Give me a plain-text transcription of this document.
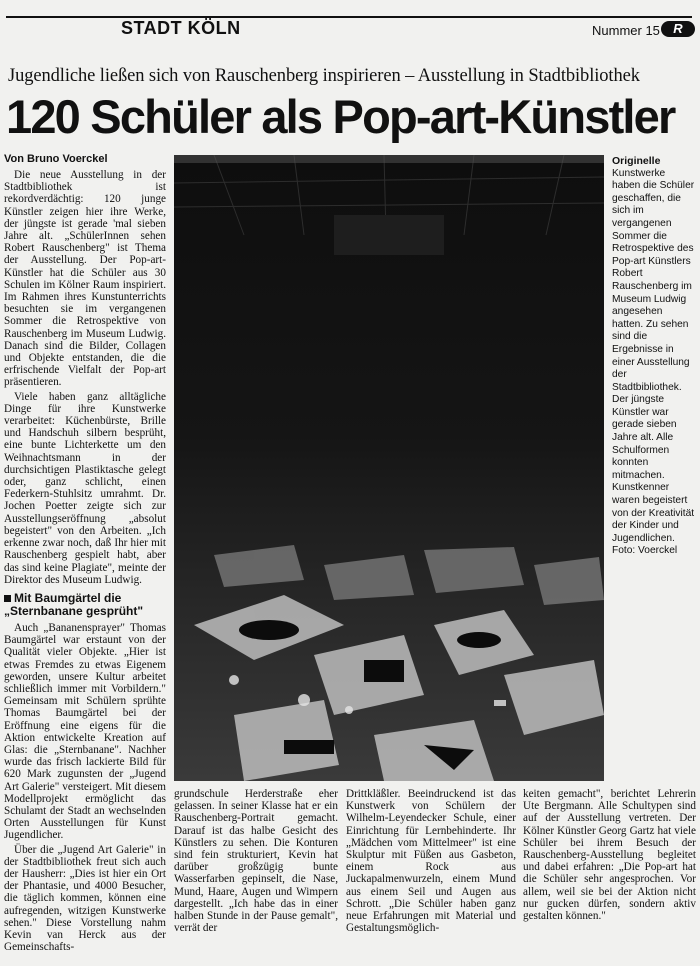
STADT KÖLN	Nummer 15	R
Jugendliche ließen sich von Rauschenberg inspirieren – Ausstellung in Stadtbibliothek
120 Schüler als Pop-art-Künstler
Von Bruno Voerckel

Die neue Ausstellung in der Stadtbibliothek ist rekordverdächtig: 120 junge Künstler zeigen hier ihre Werke, der jüngste ist gerade 'mal sieben Jahre alt. „SchülerInnen sehen Robert Rauschenberg" ist Thema der Ausstellung. Der Pop-art-Künstler hat die Schüler aus 30 Schulen im Kölner Raum inspiriert. Im Rahmen ihres Kunstunterrichts besuchten sie im vergangenen Sommer die Retrospektive von Rauschenberg im Museum Ludwig. Danach sind die Bilder, Collagen und Objekte entstanden, die die erfrischende Vielfalt der Pop-art präsentieren.

Viele haben ganz alltägliche Dinge für ihre Kunstwerke verarbeitet: Küchenbürste, Brille und Handschuh silbern besprüht, eine bunte Lichterkette um den Weihnachtsmann in der durchsichtigen Plastiktasche gelegt oder, ganz schlicht, einen Federkern-Stuhlsitz umrahmt. Dr. Jochen Poetter zeigte sich zur Ausstellungseröffnung „absolut begeistert" von den Arbeiten. „Ich erkenne zwar noch, daß Ihr hier mit Rauschenberg gespielt habt, aber das sind keine Plagiate", meinte der Direktor des Museum Ludwig.

Mit Baumgärtel die „Sternbanane gesprüht"

Auch „Bananensprayer" Thomas Baumgärtel war erstaunt von der Qualität vieler Objekte. „Hier ist etwas Fremdes zu etwas Eigenem geworden, unsere Kultur arbeitet schließlich immer mit Vorbildern." Gemeinsam mit Schülern sprühte Thomas Baumgärtel bei der Eröffnung eine eigens für die Aktion entwickelte Kreation auf Glas: die „Sternbanane". Nachher wurde das frisch lackierte Bild für 620 Mark zugunsten der „Jugend Art Galerie" versteigert. Mit diesem Modellprojekt ermöglicht das Schulamt der Stadt an wechselnden Orten Ausstellungen für Kunst Jugendlicher.

Über die „Jugend Art Galerie" in der Stadtbibliothek freut sich auch der Hausherr: „Dies ist hier ein Ort der Phantasie, und 4000 Besucher, die täglich kommen, können eine aufregenden, witzigen Kunstwerke sehen." Diese Vorstellung nahm Kevin van Herck aus der Gemeinschafts-

Originelle
Kunstwerke haben die Schüler geschaffen, die sich im vergangenen Sommer die Retrospektive des Pop-art Künstlers Robert Rauschenberg im Museum Ludwig angesehen hatten. Zu sehen sind die Ergebnisse in einer Ausstellung der Stadtbibliothek. Der jüngste Künstler war gerade sieben Jahre alt. Alle Schulformen konnten mitmachen. Kunstkenner waren begeistert von der Kreativität der Kinder und Jugendlichen. Foto: Voerckel

grundschule Herderstraße eher gelassen. In seiner Klasse hat er ein Rauschenberg-Portrait gemacht. Darauf ist das halbe Gesicht des Künstlers zu sehen. Die Konturen sind fein strukturiert, Kevin hat darüber großzügig bunte Wasserfarben gepinselt, die Nase, Mund, Haare, Augen und Wimpern dargestellt. „Ich habe das in einer halben Stunde in der Pause gemalt", verrät der

Drittkläßler. Beeindruckend ist das Kunstwerk von Schülern der Wilhelm-Leyendecker Schule, einer Einrichtung für Lernbehinderte. Ihr „Mädchen vom Mittelmeer" ist eine Skulptur mit Füßen aus Gasbeton, einem Rock aus Juckapalmenwurzeln, einem Mund aus einem Seil und Augen aus Schrott. „Die Schüler haben ganz neue Erfahrungen mit Material und Gestaltungsmöglich-

keiten gemacht", berichtet Lehrerin Ute Bergmann. Alle Schultypen sind auf der Ausstellung vertreten. Der Kölner Künstler Georg Gartz hat viele Schüler bei ihrem Besuch der Rauschenberg-Ausstellung begleitet und dabei erfahren: „Die Pop-art hat die Schüler sehr angesprochen. Vor allem, weil sie bei der Aktion nicht nur gucken dürfen, sondern aktiv gestalten können."
